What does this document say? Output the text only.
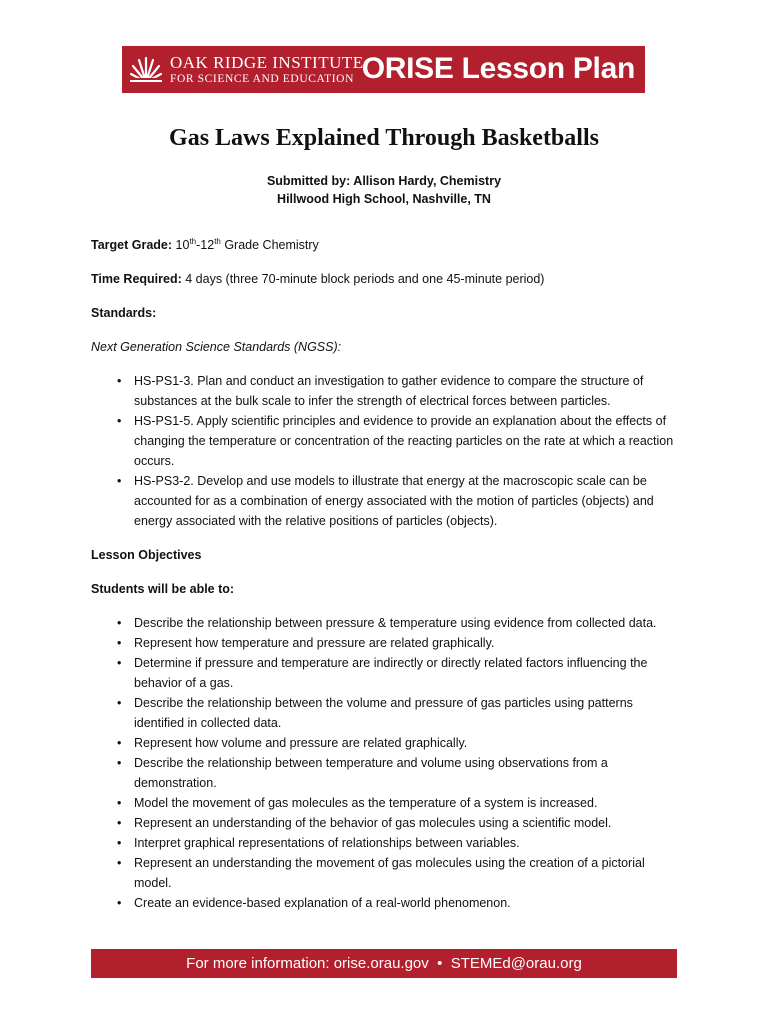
OAK RIDGE INSTITUTE
FOR SCIENCE AND EDUCATION ORISE Lesson Plan
Gas Laws Explained Through Basketballs
Submitted by: Allison Hardy, Chemistry
Hillwood High School, Nashville, TN

Target Grade: 10th-12th Grade Chemistry

Time Required: 4 days (three 70-minute block periods and one 45-minute period)

Standards:

Next Generation Science Standards (NGSS):

• HS-PS1-3. Plan and conduct an investigation to gather evidence to compare the structure of substances at the bulk scale to infer the strength of electrical forces between particles.
• HS-PS1-5. Apply scientific principles and evidence to provide an explanation about the effects of changing the temperature or concentration of the reacting particles on the rate at which a reaction occurs.
• HS-PS3-2. Develop and use models to illustrate that energy at the macroscopic scale can be accounted for as a combination of energy associated with the motion of particles (objects) and energy associated with the relative positions of particles (objects).

Lesson Objectives

Students will be able to:

• Describe the relationship between pressure & temperature using evidence from collected data.
• Represent how temperature and pressure are related graphically.
• Determine if pressure and temperature are indirectly or directly related factors influencing the behavior of a gas.
• Describe the relationship between the volume and pressure of gas particles using patterns identified in collected data.
• Represent how volume and pressure are related graphically.
• Describe the relationship between temperature and volume using observations from a demonstration.
• Model the movement of gas molecules as the temperature of a system is increased.
• Represent an understanding of the behavior of gas molecules using a scientific model.
• Interpret graphical representations of relationships between variables.
• Represent an understanding the movement of gas molecules using the creation of a pictorial model.
• Create an evidence-based explanation of a real-world phenomenon.
For more information: orise.orau.gov  •  STEMEd@orau.org
